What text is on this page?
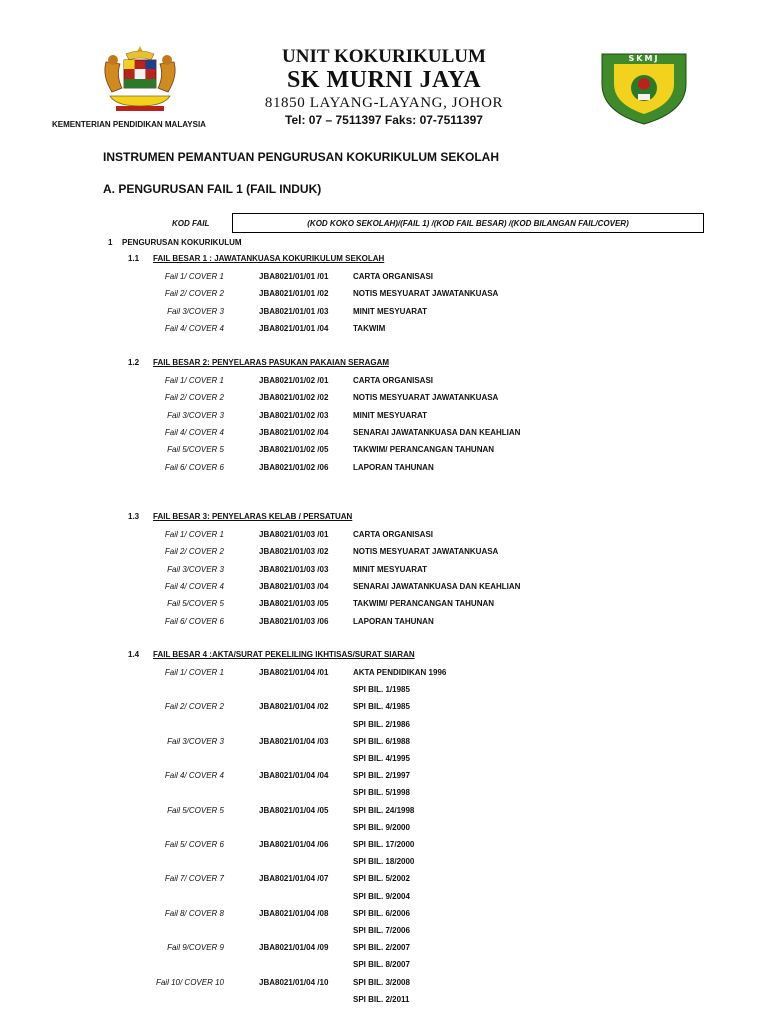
KEMENTERIAN PENDIDIKAN MALAYSIA
SKMJ
UNIT KOKURIKULUM
SK MURNI JAYA
81850 LAYANG-LAYANG, JOHOR
Tel: 07 – 7511397 Faks: 07-7511397
INSTRUMEN PEMANTUAN PENGURUSAN KOKURIKULUM SEKOLAH
A. PENGURUSAN FAIL 1 (FAIL INDUK)
KOD FAIL	(KOD KOKO SEKOLAH)/(FAIL 1) /(KOD FAIL BESAR) /(KOD BILANGAN FAIL/COVER)
1 PENGURUSAN KOKURIKULUM
1.1 FAIL BESAR 1 : JAWATANKUASA KOKURIKULUM SEKOLAH
Fail 1/ COVER 1	JBA8021/01/01 /01	CARTA ORGANISASI
Fail 2/ COVER 2	JBA8021/01/01 /02	NOTIS MESYUARAT JAWATANKUASA
Fail 3/COVER 3	JBA8021/01/01 /03	MINIT MESYUARAT
Fail 4/ COVER 4	JBA8021/01/01 /04	TAKWIM
1.2 FAIL BESAR 2: PENYELARAS PASUKAN PAKAIAN SERAGAM
Fail 1/ COVER 1	JBA8021/01/02 /01	CARTA ORGANISASI
Fail 2/ COVER 2	JBA8021/01/02 /02	NOTIS MESYUARAT JAWATANKUASA
Fail 3/COVER 3	JBA8021/01/02 /03	MINIT MESYUARAT
Fail 4/ COVER 4	JBA8021/01/02 /04	SENARAI JAWATANKUASA DAN KEAHLIAN
Fail 5/COVER 5	JBA8021/01/02 /05	TAKWIM/ PERANCANGAN TAHUNAN
Fail 6/ COVER 6	JBA8021/01/02 /06	LAPORAN TAHUNAN
1.3 FAIL BESAR 3: PENYELARAS KELAB / PERSATUAN
Fail 1/ COVER 1	JBA8021/01/03 /01	CARTA ORGANISASI
Fail 2/ COVER 2	JBA8021/01/03 /02	NOTIS MESYUARAT JAWATANKUASA
Fail 3/COVER 3	JBA8021/01/03 /03	MINIT MESYUARAT
Fail 4/ COVER 4	JBA8021/01/03 /04	SENARAI JAWATANKUASA DAN KEAHLIAN
Fail 5/COVER 5	JBA8021/01/03 /05	TAKWIM/ PERANCANGAN TAHUNAN
Fail 6/ COVER 6	JBA8021/01/03 /06	LAPORAN TAHUNAN
1.4 FAIL BESAR 4 :AKTA/SURAT PEKELILING IKHTISAS/SURAT SIARAN
Fail 1/ COVER 1	JBA8021/01/04 /01	AKTA PENDIDIKAN 1996
SPI BIL. 1/1985
Fail 2/ COVER 2	JBA8021/01/04 /02	SPI BIL. 4/1985
SPI BIL. 2/1986
Fail 3/COVER 3	JBA8021/01/04 /03	SPI BIL. 6/1988
SPI BIL. 4/1995
Fail 4/ COVER 4	JBA8021/01/04 /04	SPI BIL. 2/1997
SPI BIL. 5/1998
Fail 5/COVER 5	JBA8021/01/04 /05	SPI BIL. 24/1998
SPI BIL. 9/2000
Fail 5/ COVER 6	JBA8021/01/04 /06	SPI BIL. 17/2000
SPI BIL. 18/2000
Fail 7/ COVER 7	JBA8021/01/04 /07	SPI BIL. 5/2002
SPI BIL. 9/2004
Fail 8/ COVER 8	JBA8021/01/04 /08	SPI BIL. 6/2006
SPI BIL. 7/2006
Fail 9/COVER 9	JBA8021/01/04 /09	SPI BIL. 2/2007
SPI BIL. 8/2007
Fail 10/ COVER 10	JBA8021/01/04 /10	SPI BIL. 3/2008
SPI BIL. 2/2011
